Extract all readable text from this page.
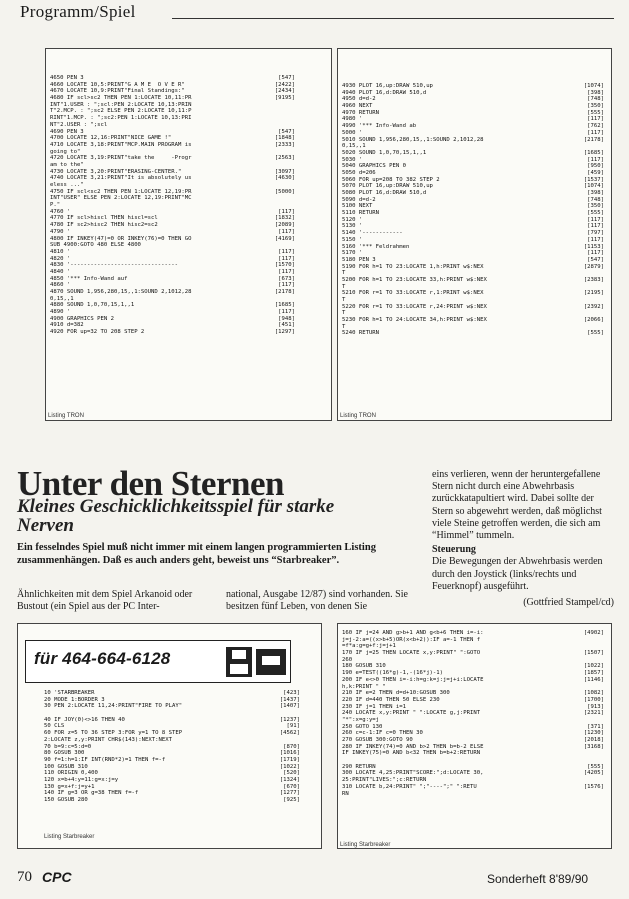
Programm/Spiel
4650 PEN 3	[547]
4660 LOCATE 10,5:PRINT"G A M E  O V E R"	[2422]
4670 LOCATE 10,9:PRINT"Final Standings:"	[2434]
4680 IF scl>sc2 THEN PEN 1:LOCATE 10,11:PR	[9195]
INT"1.USER : ";scl:PEN 2:LOCATE 10,13:PRIN
T"2.MCP. : ";sc2 ELSE PEN 2:LOCATE 10,11:P
RINT"1.MCP. : ";sc2:PEN 1:LOCATE 10,13:PRI
NT"2.USER : ";scl
4690 PEN 3	[547]
4700 LOCATE 12,16:PRINT"NICE GAME !"	[1848]
4710 LOCATE 3,18:PRINT"MCP.MAIN PROGRAM is	[2333]
going to"
4720 LOCATE 3,19:PRINT"take the     -Progr	[2563]
am to the"
4730 LOCATE 3,20:PRINT"ERASING-CENTER."	[3097]
4740 LOCATE 3,21:PRINT"It is absolutely us	[4630]
eless ..."
4750 IF scl<sc2 THEN PEN 1:LOCATE 12,19:PR	[5000]
INT"USER" ELSE PEN 2:LOCATE 12,19:PRINT"MC
P."
4760 '	[117]
4770 IF scl>hiscl THEN hiscl=scl	[1832]
4780 IF sc2>hisc2 THEN hisc2=sc2	[2089]
4790 '	[117]
4800 IF INKEY(47)=0 OR INKEY(76)=0 THEN GO	[4169]
SUB 4900:GOTO 480 ELSE 4800
4810 '	[117]
4820 '	[117]
4830 '--------------------------------	[1570]
4840 '	[117]
4850 '*** Info-Wand auf	[673]
4860 '	[117]
4870 SOUND 1,956,280,15,,1:SOUND 2,1012,28	[2178]
0,15,,1
4880 SOUND 1,0,70,15,1,,1	[1685]
4890 '	[117]
4900 GRAPHICS PEN 2	[948]
4910 d=382	[451]
4920 FOR up=32 TO 208 STEP 2	[1297]
Listing TRON
4930 PLOT 16,up:DRAW 510,up	[1074]
4940 PLOT 16,d:DRAW 510,d	[398]
4950 d=d-2	[748]
4960 NEXT	[350]
4970 RETURN	[555]
4980 '	[117]
4990 '*** Info-Wand ab	[762]
5000 '	[117]
5010 SOUND 1,956,280,15,,1:SOUND 2,1012,28	[2178]
0,15,,1
5020 SOUND 1,0,70,15,1,,1	[1685]
5030 '	[117]
5040 GRAPHICS PEN 0	[950]
5050 d=206	[459]
5060 FOR up=208 TO 382 STEP 2	[1537]
5070 PLOT 16,up:DRAW 510,up	[1074]
5080 PLOT 16,d:DRAW 510,d	[398]
5090 d=d-2	[748]
5100 NEXT	[350]
5110 RETURN	[555]
5120 '	[117]
5130 '	[117]
5140 '------------	[797]
5150 '	[117]
5160 '*** Feldrahmen	[1153]
5170 '	[117]
5180 PEN 3	[547]
5190 FOR h=1 TO 23:LOCATE 1,h:PRINT w$:NEX	[2879]
T
5200 FOR h=1 TO 23:LOCATE 33,h:PRINT w$:NEX	[2383]
T
5210 FOR r=1 TO 33:LOCATE r,1:PRINT w$:NEX	[2195]
T
5220 FOR r=1 TO 33:LOCATE r,24:PRINT w$:NEX	[2392]
T
5230 FOR h=1 TO 24:LOCATE 34,h:PRINT w$:NEX	[2066]
T
5240 RETURN	[555]
Listing TRON
Unter den Sternen
Kleines Geschicklichkeitsspiel für starke Nerven
Ein fesselndes Spiel muß nicht immer mit einem langen programmierten Listing zusammenhängen. Daß es auch anders geht, beweist uns “Starbreaker”.
Ähnlichkeiten mit dem Spiel Arkanoid oder Bustout (ein Spiel aus der PC Inter-
national, Ausgabe 12/87) sind vorhanden. Sie besitzen fünf Leben, von denen Sie
eins verlieren, wenn der heruntergefallene Stern nicht durch eine Abwehrbasis zurückkatapultiert wird. Dabei sollte der Stern so abgewehrt werden, daß möglichst viele Steine getroffen werden, die sich am “Himmel” tummeln.
Steuerung
Die Bewegungen der Abwehrbasis werden durch den Joystick (links/rechts und Feuerknopf) ausgeführt.
(Gottfried Stampel/cd)
für 464-664-6128
10 'STARBREAKER	[423]
20 MODE 1:BORDER 3	[1437]
30 PEN 2:LOCATE 11,24:PRINT"FIRE TO PLAY"	[1407]
40 IF JOY(0)<>16 THEN 40	[1237]
50 CLS	[91]
60 FOR z=5 TO 36 STEP 3:FOR y=1 TO 8 STEP	[4562]
2:LOCATE z,y:PRINT CHR$(143):NEXT:NEXT
70 b=9:c=5:d=0	[870]
80 GOSUB 300	[1016]
90 f=1:h=1:IF INT(RND*2)=1 THEN f=-f	[1719]
100 GOSUB 310	[1022]
110 ORIGIN 0,400	[520]
120 x=b+4:y=11:g=x:j=y	[1324]
130 g=x+f:j=y+1	[670]
140 IF g=3 OR g=38 THEN f=-f	[1277]
150 GOSUB 280	[925]
Listing Starbreaker
160 IF j=24 AND g>b+1 AND g<b+6 THEN i=-i:	[4902]
j=j-2:a=((x>b+5)OR(x<b+2)):IF a=-1 THEN f
=f*a:g=g+f:j=j+1
170 IF j=25 THEN LOCATE x,y:PRINT" ":GOTO	[1507]
260
180 GOSUB 310	[1022]
190 e=TEST((16*g)-1,-(16*j)-1)	[1857]
200 IF e<>0 THEN i=-i:h=g:k=j:j=j+i:LOCATE	[1146]
h,k:PRINT " "
210 IF e=2 THEN d=d+10:GOSUB 300	[1082]
220 IF d=440 THEN 50 ELSE 230	[1700]
230 IF j=1 THEN i=1	[913]
240 LOCATE x,y:PRINT " ":LOCATE g,j:PRINT	[2321]
"*":x=g:y=j
250 GOTO 130	[371]
260 c=c-1:IF c=0 THEN 30	[1230]
270 GOSUB 300:GOTO 90	[2018]
280 IF INKEY(74)=0 AND b>2 THEN b=b-2 ELSE	[3168]
IF INKEY(75)=0 AND b<32 THEN b=b+2:RETURN
290 RETURN	[555]
300 LOCATE 4,25:PRINT"SCORE:";d:LOCATE 30,	[4205]
25:PRINT"LIVES:";c:RETURN
310 LOCATE b,24:PRINT" ";"----";" ":RETU	[1576]
RN
Listing Starbreaker
70 CPC	Sonderheft 8'89/90
